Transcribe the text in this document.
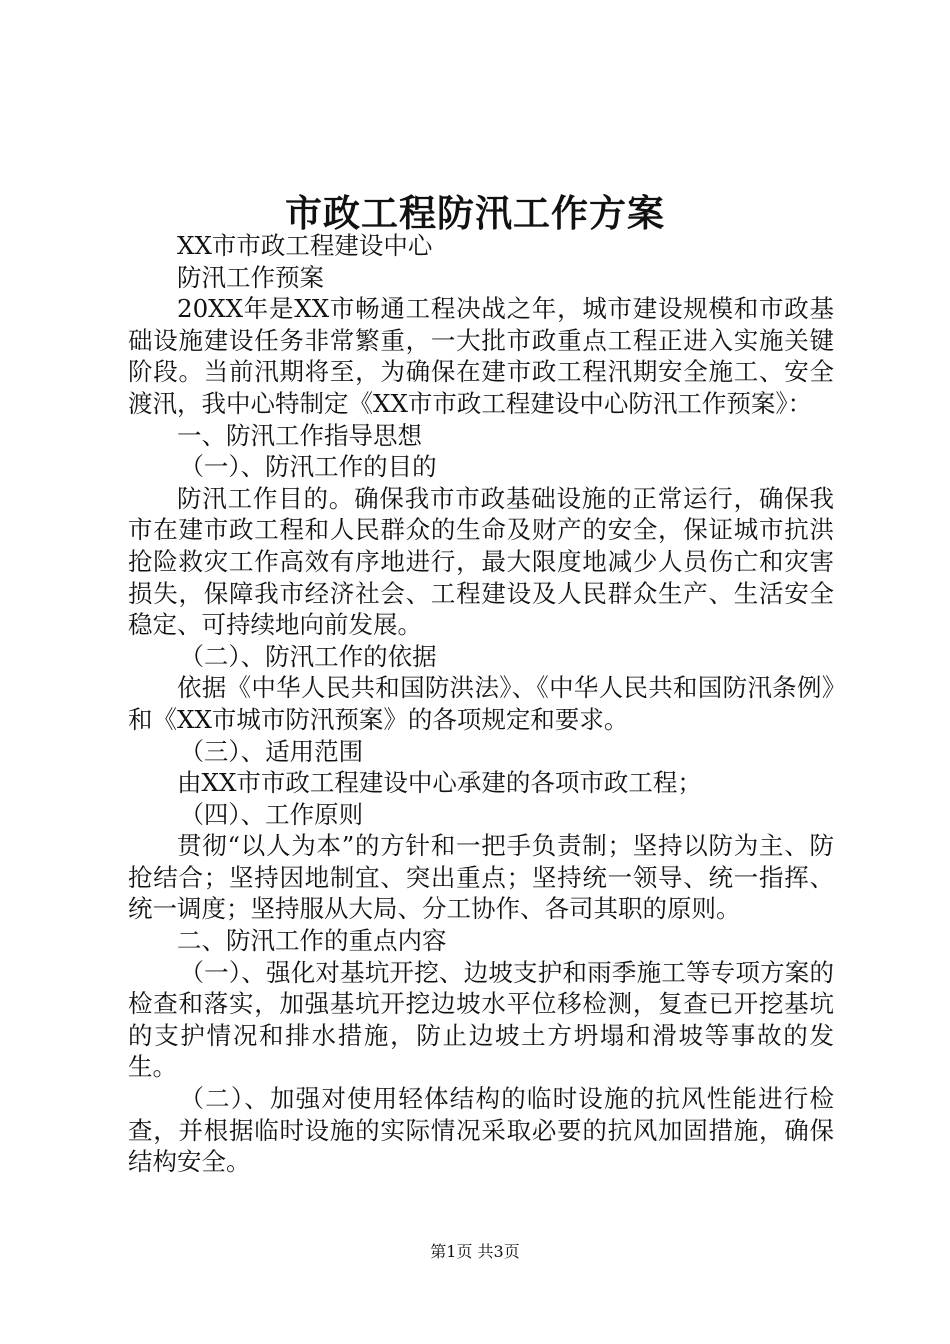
市政工程防汛工作方案

XX市市政工程建设中心

防汛工作预案

20XX年是XX市畅通工程决战之年，城市建设规模和市政基础设施建设任务非常繁重，一大批市政重点工程正进入实施关键阶段。当前汛期将至，为确保在建市政工程汛期安全施工、安全渡汛，我中心特制定《XX市市政工程建设中心防汛工作预案》：

一、防汛工作指导思想

（一）、防汛工作的目的

防汛工作目的。确保我市市政基础设施的正常运行，确保我市在建市政工程和人民群众的生命及财产的安全，保证城市抗洪抢险救灾工作高效有序地进行，最大限度地减少人员伤亡和灾害损失，保障我市经济社会、工程建设及人民群众生产、生活安全稳定、可持续地向前发展。

（二）、防汛工作的依据

依据《中华人民共和国防洪法》、《中华人民共和国防汛条例》和《XX市城市防汛预案》的各项规定和要求。

（三）、适用范围

由XX市市政工程建设中心承建的各项市政工程；

（四）、工作原则

贯彻“以人为本”的方针和一把手负责制；坚持以防为主、防抢结合；坚持因地制宜、突出重点；坚持统一领导、统一指挥、统一调度；坚持服从大局、分工协作、各司其职的原则。

二、防汛工作的重点内容

（一）、强化对基坑开挖、边坡支护和雨季施工等专项方案的检查和落实，加强基坑开挖边坡水平位移检测，复查已开挖基坑的支护情况和排水措施，防止边坡土方坍塌和滑坡等事故的发生。

（二）、加强对使用轻体结构的临时设施的抗风性能进行检查，并根据临时设施的实际情况采取必要的抗风加固措施，确保结构安全。

第1页 共3页
